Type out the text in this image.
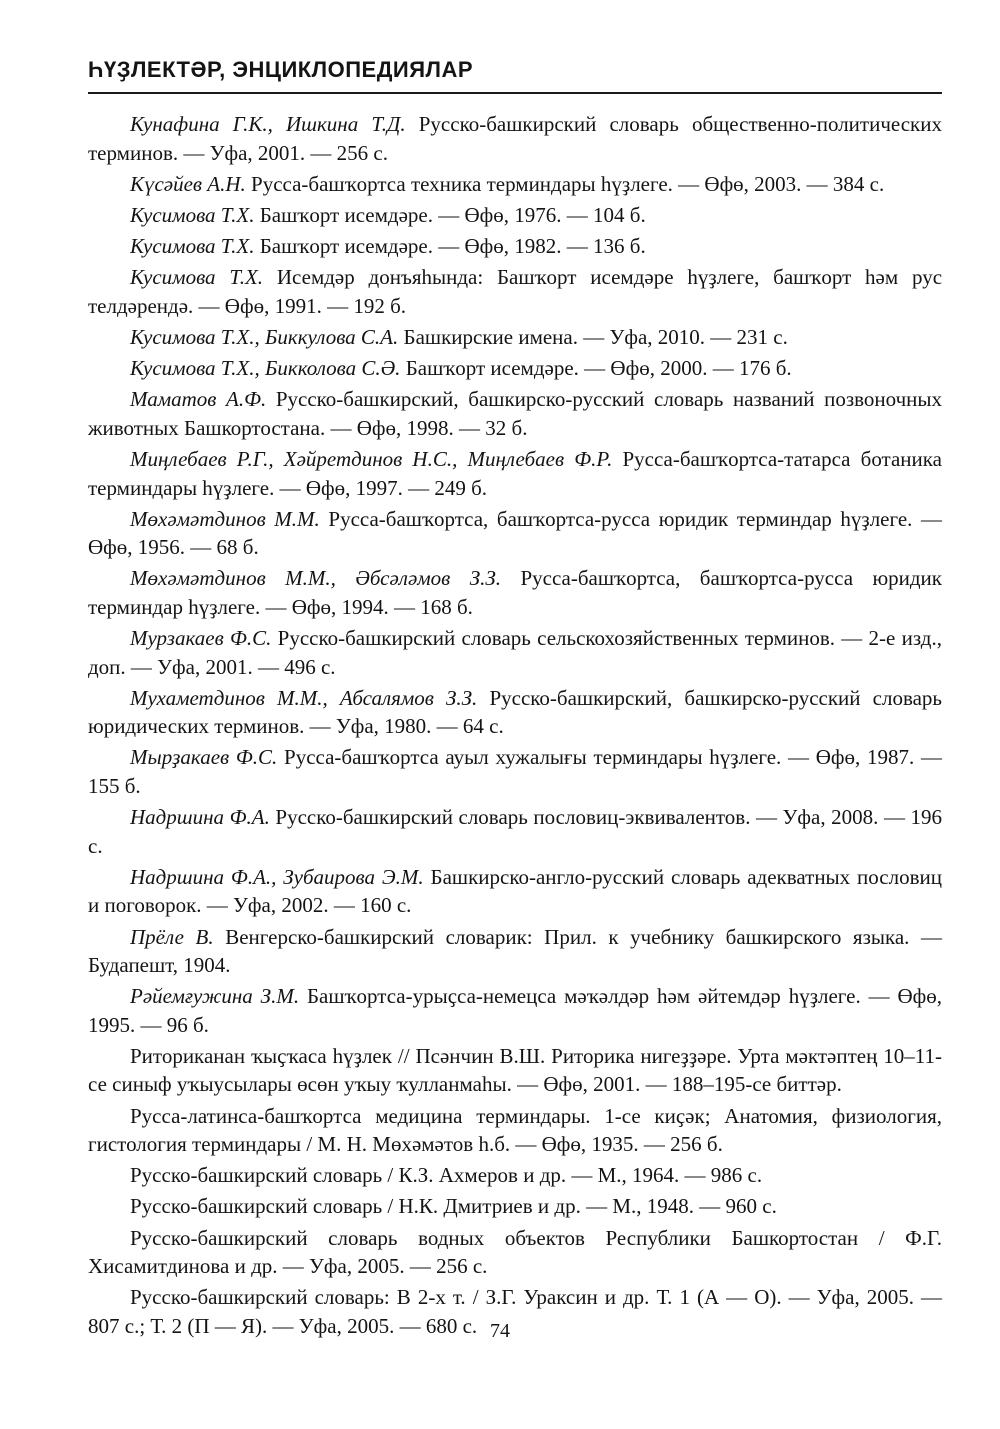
ҺҮҘЛЕКТӘР, ЭНЦИКЛОПЕДИЯЛАР

Кунафина Г.К., Ишкина Т.Д. Русско-башкирский словарь общественно-политических терминов. — Уфа, 2001. — 256 с.

Күсәйев А.Н. Русса-башҡортса техника терминдары һүҙлеге. — Өфө, 2003. — 384 с.

Кусимова Т.Х. Башҡорт исемдәре. — Өфө, 1976. — 104 б.

Кусимова Т.Х. Башҡорт исемдәре. — Өфө, 1982. — 136 б.

Кусимова Т.Х. Исемдәр донъяһында: Башҡорт исемдәре һүҙлеге, башҡорт һәм рус телдәрендә. — Өфө, 1991. — 192 б.

Кусимова Т.Х., Биккулова С.А. Башкирские имена. — Уфа, 2010. — 231 с.

Кусимова Т.Х., Бикколова С.Ә. Башҡорт исемдәре. — Өфө, 2000. — 176 б.

Маматов А.Ф. Русско-башкирский, башкирско-русский словарь названий позвоночных животных Башкортостана. — Өфө, 1998. — 32 б.

Миңлебаев Р.Г., Хәйретдинов Н.С., Миңлебаев Ф.Р. Русса-башҡортса-татарса ботаника терминдары һүҙлеге. — Өфө, 1997. — 249 б.

Мөхәмәтдинов М.М. Русса-башҡортса, башҡортса-русса юридик терминдар һүҙлеге. — Өфө, 1956. — 68 б.

Мөхәмәтдинов М.М., Әбсәләмов З.З. Русса-башҡортса, башҡортса-русса юридик терминдар һүҙлеге. — Өфө, 1994. — 168 б.

Мурзакаев Ф.С. Русско-башкирский словарь сельскохозяйственных терминов. — 2-е изд., доп. — Уфа, 2001. — 496 с.

Мухаметдинов М.М., Абсалямов З.З. Русско-башкирский, башкирско-русский словарь юридических терминов. — Уфа, 1980. — 64 с.

Мырҙакаев Ф.С. Русса-башҡортса ауыл хужалығы терминдары һүҙлеге. — Өфө, 1987. — 155 б.

Надршина Ф.А. Русско-башкирский словарь пословиц-эквивалентов. — Уфа, 2008. — 196 с.

Надршина Ф.А., Зубаирова Э.М. Башкирско-англо-русский словарь адекватных пословиц и поговорок. — Уфа, 2002. — 160 с.

Прёле В. Венгерско-башкирский словарик: Прил. к учебнику башкирского языка. — Будапешт, 1904.

Рәйемғужина З.М. Башҡортса-урыҫса-немецса мәҡәлдәр һәм әйтемдәр һүҙлеге. — Өфө, 1995. — 96 б.

Риториканан ҡыҫҡаса һүҙлек // Псәнчин В.Ш. Риторика нигеҙҙәре. Урта мәктәптең 10–11-се синыф уҡыусылары өсөн уҡыу ҡулланмаһы. — Өфө, 2001. — 188–195-се биттәр.

Русса-латинса-башҡортса медицина терминдары. 1-се киҫәк; Анатомия, физиология, гистология терминдары / М. Н. Мөхәмәтов һ.б. — Өфө, 1935. — 256 б.

Русско-башкирский словарь / К.З. Ахмеров и др. — М., 1964. — 986 с.

Русско-башкирский словарь / Н.К. Дмитриев и др. — М., 1948. — 960 с.

Русско-башкирский словарь водных объектов Республики Башкортостан / Ф.Г. Хисамитдинова и др. — Уфа, 2005. — 256 с.

Русско-башкирский словарь: В 2-х т. / З.Г. Ураксин и др. Т. 1 (А — О). — Уфа, 2005. — 807 с.; Т. 2 (П — Я). — Уфа, 2005. — 680 с. 74
